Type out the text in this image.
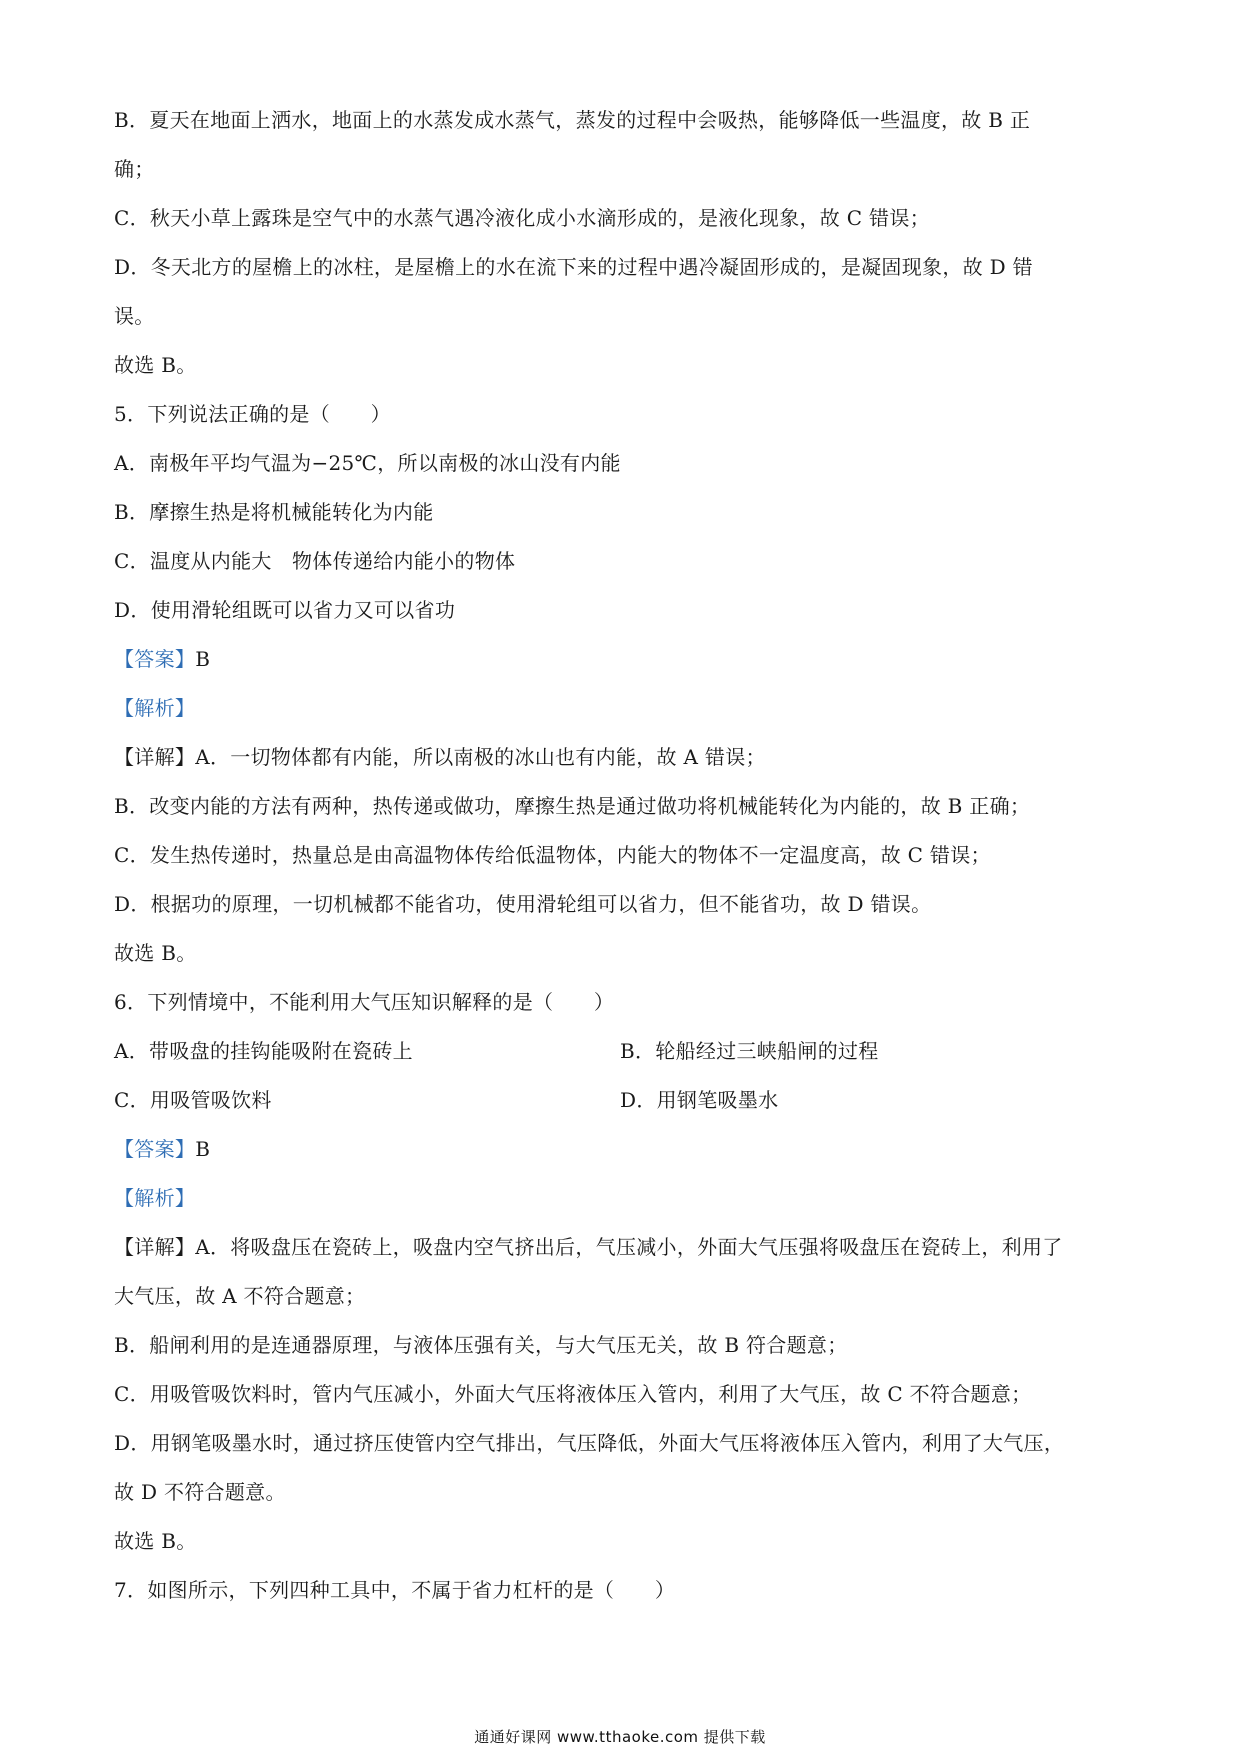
B．夏天在地面上洒水，地面上的水蒸发成水蒸气，蒸发的过程中会吸热，能够降低一些温度，故 B 正
确；
C．秋天小草上露珠是空气中的水蒸气遇冷液化成小水滴形成的，是液化现象，故 C 错误；
D．冬天北方的屋檐上的冰柱，是屋檐上的水在流下来的过程中遇冷凝固形成的，是凝固现象，故 D 错
误。
故选 B。
5．下列说法正确的是（　　）
A．南极年平均气温为−25℃，所以南极的冰山没有内能
B．摩擦生热是将机械能转化为内能
C．温度从内能大　物体传递给内能小的物体
D．使用滑轮组既可以省力又可以省功
【答案】B
【解析】
【详解】A．一切物体都有内能，所以南极的冰山也有内能，故 A 错误；
B．改变内能的方法有两种，热传递或做功，摩擦生热是通过做功将机械能转化为内能的，故 B 正确；
C．发生热传递时，热量总是由高温物体传给低温物体，内能大的物体不一定温度高，故 C 错误；
D．根据功的原理，一切机械都不能省功，使用滑轮组可以省力，但不能省功，故 D 错误。
故选 B。
6．下列情境中，不能利用大气压知识解释的是（　　）
A．带吸盘的挂钩能吸附在瓷砖上	B．轮船经过三峡船闸的过程
C．用吸管吸饮料	D．用钢笔吸墨水
【答案】B
【解析】
【详解】A．将吸盘压在瓷砖上，吸盘内空气挤出后，气压减小，外面大气压强将吸盘压在瓷砖上，利用了
大气压，故 A 不符合题意；
B．船闸利用的是连通器原理，与液体压强有关，与大气压无关，故 B 符合题意；
C．用吸管吸饮料时，管内气压减小，外面大气压将液体压入管内，利用了大气压，故 C 不符合题意；
D．用钢笔吸墨水时，通过挤压使管内空气排出，气压降低，外面大气压将液体压入管内，利用了大气压，
故 D 不符合题意。
故选 B。
7．如图所示，下列四种工具中，不属于省力杠杆的是（　　）
通通好课网 www.tthaoke.com 提供下载
